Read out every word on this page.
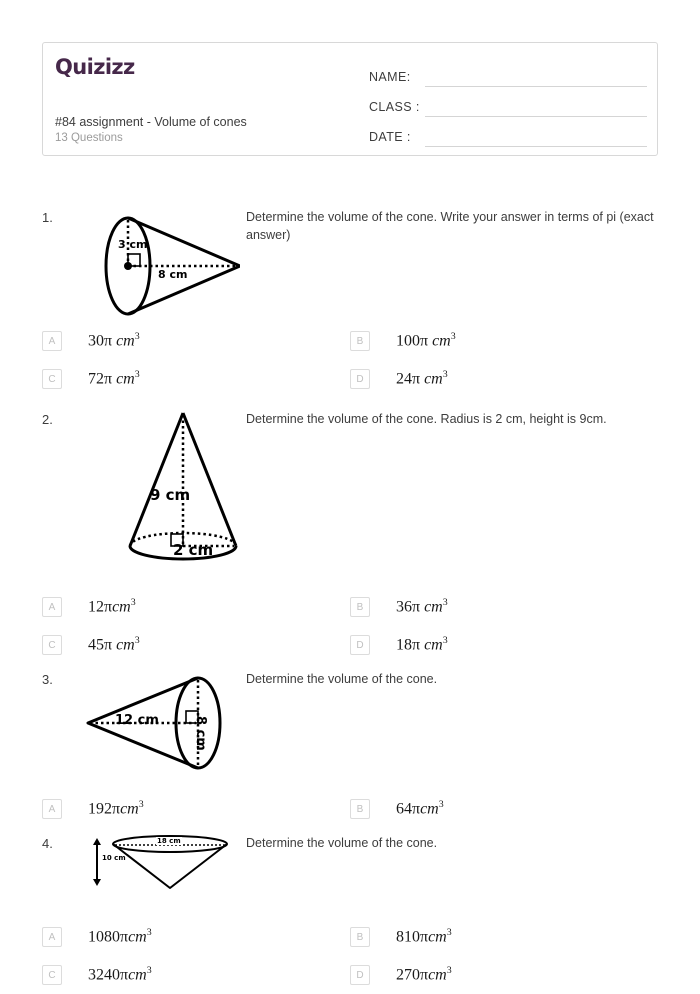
Quizizz
#84 assignment - Volume of cones
13 Questions
NAME:
CLASS :
DATE :
1.
3 cm
8 cm
Determine the volume of the cone. Write your answer in terms of pi (exact answer)
A	30π $cm^3$	B	100π $cm^3$
C	72π $cm^3$	D	24π $cm^3$
2.
9 cm
2 cm
Determine the volume of the cone. Radius is 2 cm, height is 9cm.
A	12πcm$^3$	B	36π $cm^3$
C	45π $cm^3$	D	18π $cm^3$
3.
12 cm	8 cm
Determine the volume of the cone.
A	192πcm$^3$	B	64πcm$^3$
4.
10 cm
18 cm	Determine the volume of the cone.
A	1080πcm$^3$	B	810πcm$^3$
C	3240πcm$^3$	D	270πcm$^3$
